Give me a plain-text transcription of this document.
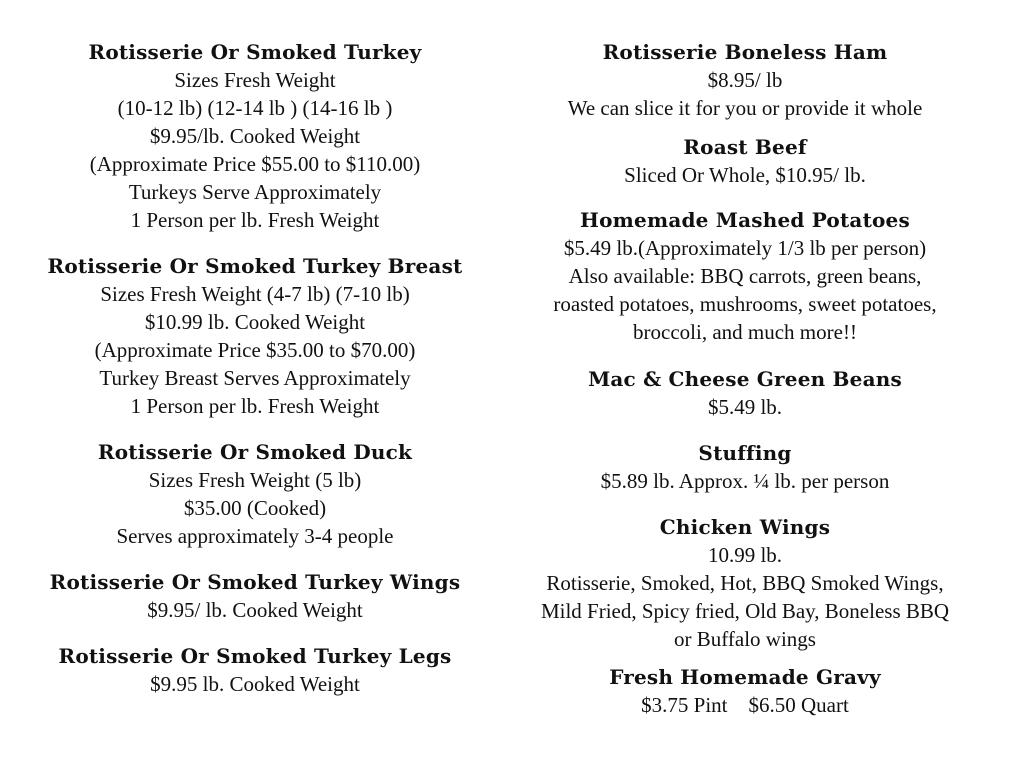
Rotisserie Or Smoked Turkey
Sizes Fresh Weight
(10-12 lb) (12-14 lb ) (14-16 lb )
$9.95/lb. Cooked Weight
(Approximate Price $55.00 to $110.00)
Turkeys Serve Approximately
1 Person per lb. Fresh Weight
Rotisserie Or Smoked Turkey Breast
Sizes Fresh Weight (4-7 lb) (7-10 lb)
$10.99 lb. Cooked Weight
(Approximate Price $35.00 to $70.00)
Turkey Breast Serves Approximately
1 Person per lb. Fresh Weight
Rotisserie Or Smoked Duck
Sizes Fresh Weight (5 lb)
$35.00 (Cooked)
Serves approximately 3-4 people
Rotisserie Or Smoked Turkey Wings
$9.95/ lb. Cooked Weight
Rotisserie Or Smoked Turkey Legs
$9.95 lb. Cooked Weight
Rotisserie Boneless Ham
$8.95/ lb
We can slice it for you or provide it whole
Roast Beef
Sliced Or Whole, $10.95/ lb.
Homemade Mashed Potatoes
$5.49 lb.(Approximately 1/3 lb per person)
Also available: BBQ carrots, green beans,
roasted potatoes, mushrooms, sweet potatoes,
broccoli, and much more!!
Mac & Cheese Green Beans
$5.49 lb.
Stuffing
$5.89 lb. Approx. ¼ lb. per person
Chicken Wings
10.99 lb.
Rotisserie, Smoked, Hot, BBQ Smoked Wings,
Mild Fried, Spicy fried, Old Bay, Boneless BBQ
or Buffalo wings
Fresh Homemade Gravy
$3.75 Pint    $6.50 Quart
